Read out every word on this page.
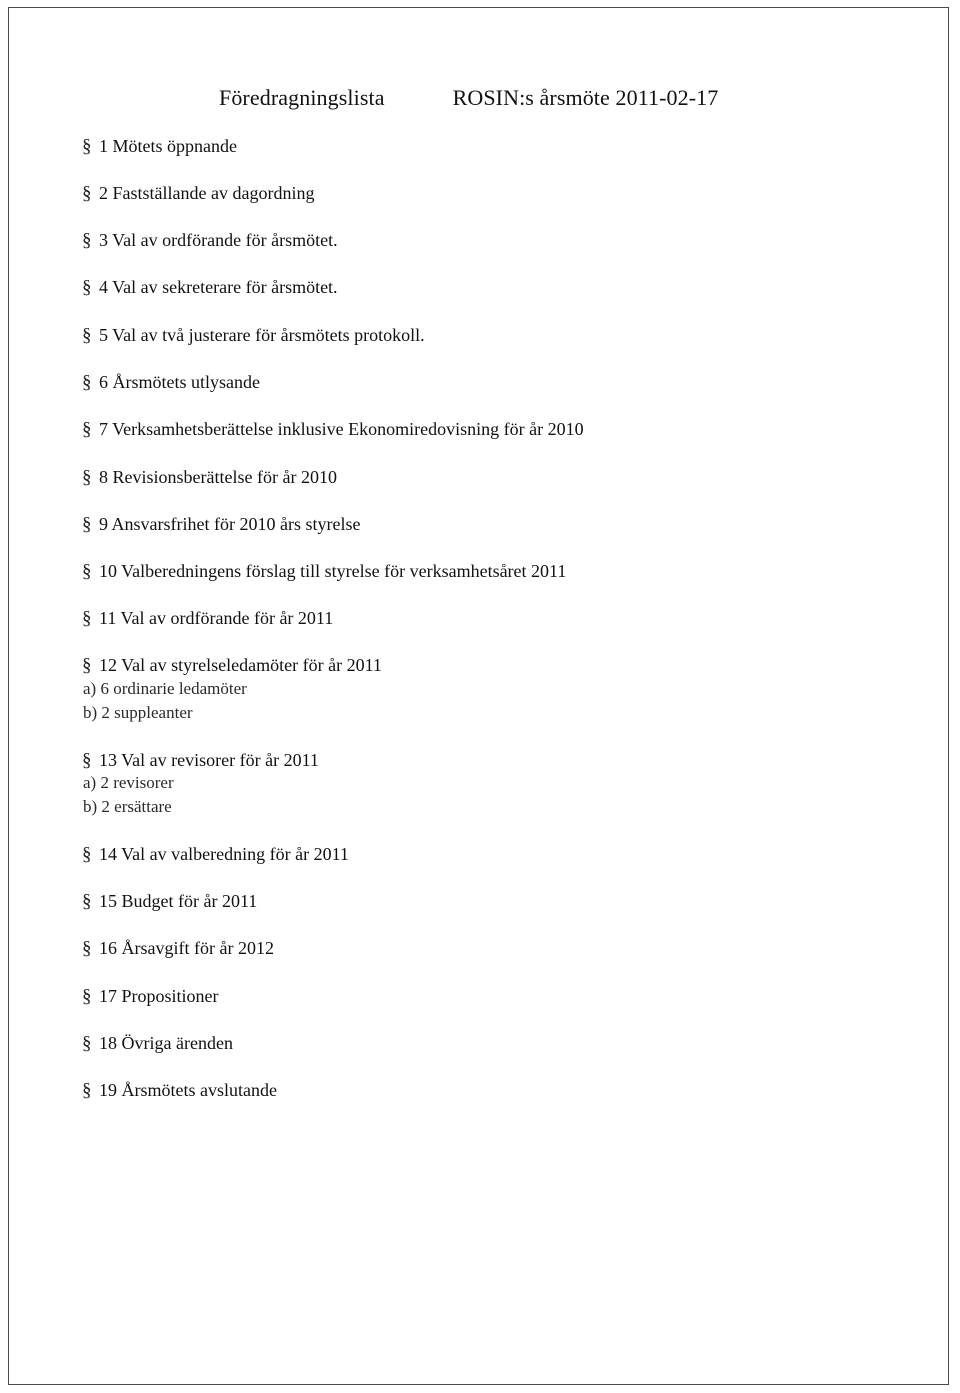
Föredragningslista	ROSIN:s årsmöte 2011-02-17
§ 1 Mötets öppnande
§ 2 Fastställande av dagordning
§ 3 Val av ordförande för årsmötet.
§ 4 Val av sekreterare för årsmötet.
§ 5 Val av två justerare för årsmötets protokoll.
§ 6 Årsmötets utlysande
§ 7 Verksamhetsberättelse inklusive Ekonomiredovisning för år 2010
§ 8 Revisionsberättelse för år 2010
§ 9 Ansvarsfrihet för 2010 års styrelse
§ 10 Valberedningens förslag till styrelse för verksamhetsåret 2011
§ 11 Val av ordförande för år 2011
§ 12 Val av styrelseledamöter för år 2011
a) 6 ordinarie ledamöter
b) 2 suppleanter
§ 13 Val av revisorer för år 2011
a) 2 revisorer
b) 2 ersättare
§ 14 Val av valberedning för år 2011
§ 15 Budget för år 2011
§ 16 Årsavgift för år 2012
§ 17 Propositioner
§ 18 Övriga ärenden
§ 19 Årsmötets avslutande
